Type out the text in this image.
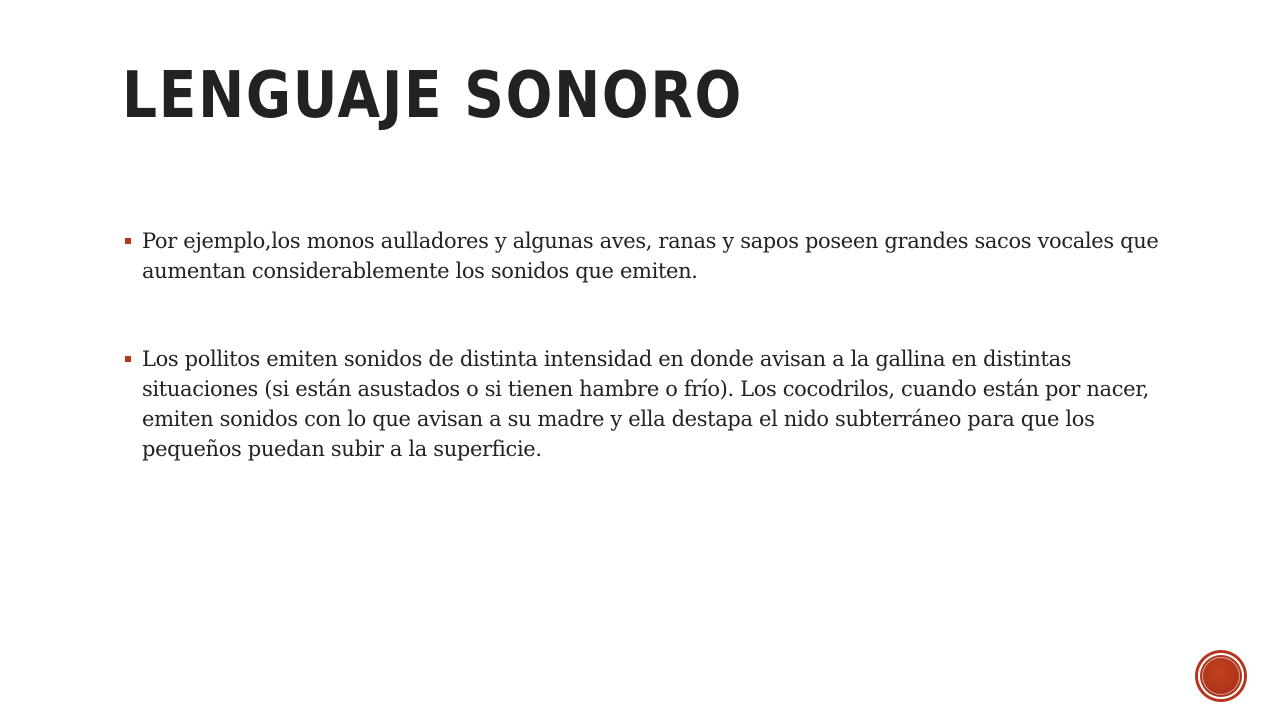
LENGUAJE SONORO
Por ejemplo,los monos aulladores y algunas aves, ranas y sapos poseen grandes sacos vocales que aumentan considerablemente los sonidos que emiten.
Los pollitos emiten sonidos de distinta intensidad en donde avisan a la gallina en distintas situaciones (si están asustados o si tienen hambre o frío). Los cocodrilos, cuando están por nacer, emiten sonidos con lo que avisan a su madre y ella destapa el nido subterráneo para que los pequeños puedan subir a la superficie.
